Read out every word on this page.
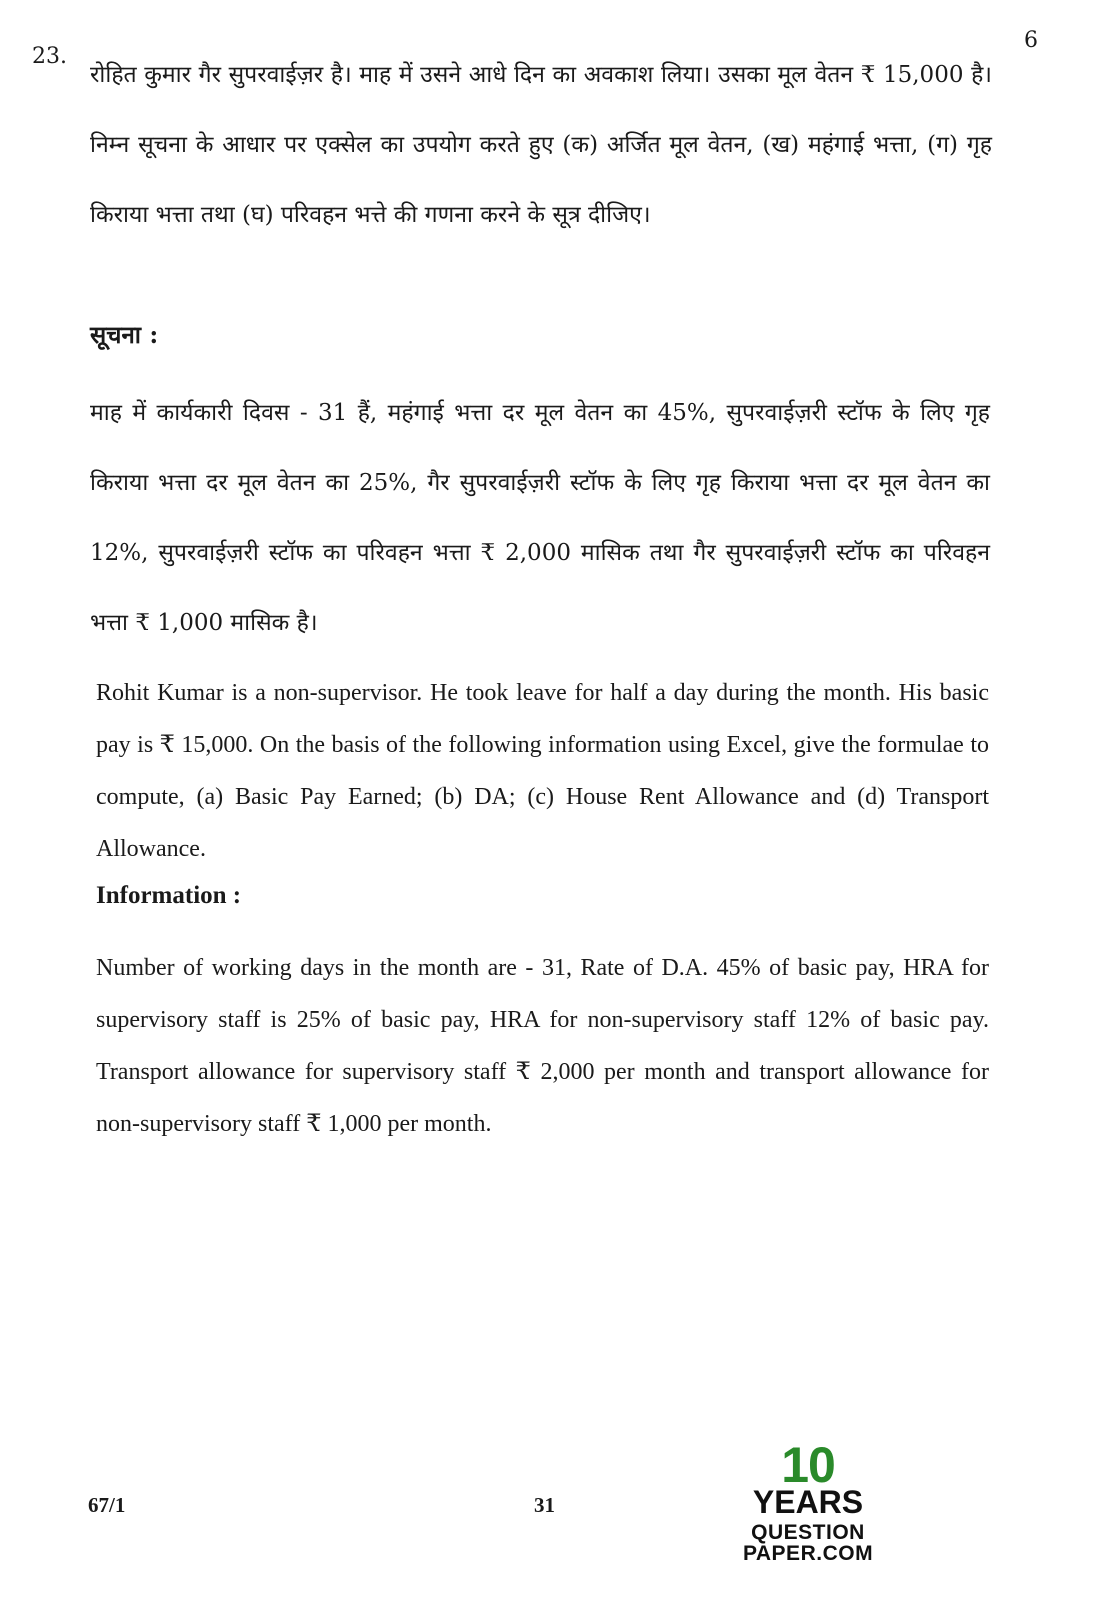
6
23.

रोहित कुमार गैर सुपरवाईज़र है। माह में उसने आधे दिन का अवकाश लिया। उसका मूल वेतन ₹ 15,000 है। निम्न सूचना के आधार पर एक्सेल का उपयोग करते हुए (क) अर्जित मूल वेतन, (ख) महंगाई भत्ता, (ग) गृह किराया भत्ता तथा (घ) परिवहन भत्ते की गणना करने के सूत्र दीजिए।

सूचना :

माह में कार्यकारी दिवस - 31 हैं, महंगाई भत्ता दर मूल वेतन का 45%, सुपरवाईज़री स्टॉफ के लिए गृह किराया भत्ता दर मूल वेतन का 25%, गैर सुपरवाईज़री स्टॉफ के लिए गृह किराया भत्ता दर मूल वेतन का 12%, सुपरवाईज़री स्टॉफ का परिवहन भत्ता ₹ 2,000 मासिक तथा गैर सुपरवाईज़री स्टॉफ का परिवहन भत्ता ₹ 1,000 मासिक है।

Rohit Kumar is a non-supervisor. He took leave for half a day during the month. His basic pay is ₹ 15,000. On the basis of the following information using Excel, give the formulae to compute, (a) Basic Pay Earned; (b) DA; (c) House Rent Allowance and (d) Transport Allowance.

Information :

Number of working days in the month are - 31, Rate of D.A. 45% of basic pay, HRA for supervisory staff is 25% of basic pay, HRA for non-supervisory staff 12% of basic pay. Transport allowance for supervisory staff ₹ 2,000 per month and transport allowance for non-supervisory staff ₹ 1,000 per month.

67/1	31
10
YEARS
QUESTION PAPER.COM
